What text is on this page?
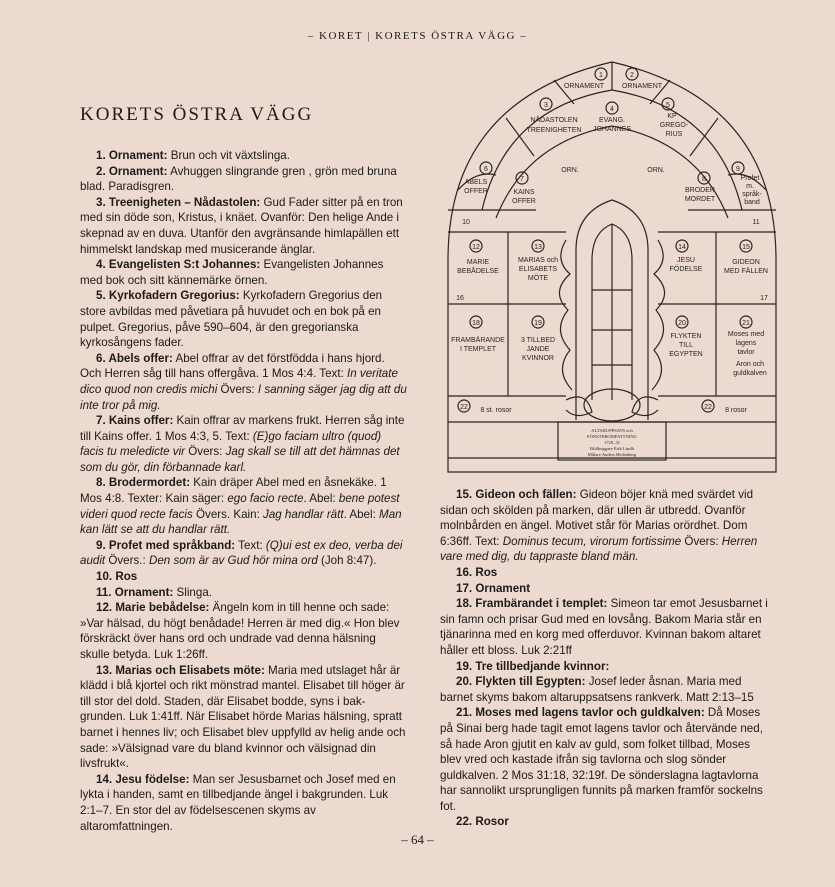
– KORET | KORETS ÖSTRA VÄGG –
KORETS ÖSTRA VÄGG
1
ORNAMENT
2
ORNAMENT
3
NÅDASTOLEN
TREENIGHETEN
4
EVANG.
JOHANNES
5
KP
GREGO-
RIUS
6
ABELS
OFFER
7
KAINS
OFFER
ORN.	ORN.
8
BRODER
MORDET
9
Profet
m.
språk-
band
10	11
12
MARIE
BEBÅDELSE
13
MARIAS och
ELISABETS
MÖTE
14
JESU
FÖDELSE
15
GIDEON
MED FÄLLEN
16	17
18
FRAMBÄRANDE
I TEMPLET
19
3 TILLBED
JANDE
KVINNOR
20
FLYKTEN
TILL
EGYPTEN
21
Moses med
lagens
tavlor
Aron och
guldkalven
22 8 st. rosor	22 8 rosor
ALTARUPPSATS och
FÖNSTEROMFATTNING
1729–31
Bildhuggare Erik Lindh
Målare Anders Hedenberg

1. Ornament: Brun och vit växtslinga.

2. Ornament: Avhuggen slingrande gren , grön med bruna blad. Paradisgren.

3. Treenigheten – Nådastolen: Gud Fader sitter på en tron med sin döde son, Kristus, i knäet. Ovanför: Den helige Ande i skepnad av en duva. Utanför den avgränsande himlapällen ett himmelskt landskap med musicerande änglar.

4. Evangelisten S:t Johannes: Evangelisten Johannes med bok och sitt kännemärke örnen.

5. Kyrkofadern Gregorius: Kyrkofadern Gregorius den store avbildas med påvetiara på huvudet och en bok på en pulpet. Gregorius, påve 590–604, är den gregorianska kyrkosångens fader.

6. Abels offer: Abel offrar av det förstfödda i hans hjord. Och Herren såg till hans offergåva. 1 Mos 4:4. Text: In veritate dico quod non credis michi Övers: I sanning säger jag dig att du inte tror på mig.

7. Kains offer: Kain offrar av markens frukt. Herren såg inte till Kains offer. 1 Mos 4:3, 5. Text: (E)go faciam ultro (quod) facis tu meledicte vir Övers: Jag skall se till att det hämnas det som du gör, din förbannade karl.

8. Brodermordet: Kain dräper Abel med en åsnekäke. 1 Mos 4:8. Texter: Kain säger: ego facio recte. Abel: bene potest videri quod recte facis Övers. Kain: Jag handlar rätt. Abel: Man kan lätt se att du handlar rätt.

9. Profet med språkband: Text: (Q)ui est ex deo, verba dei audit Övers.: Den som är av Gud hör mina ord (Joh 8:47).

10. Ros

11. Ornament: Slinga.

12. Marie bebådelse: Ängeln kom in till henne och sade: »Var hälsad, du högt benådade! Herren är med dig.« Hon blev förskräckt över hans ord och undrade vad denna hälsning skulle betyda. Luk 1:26ff.

13. Marias och Elisabets möte: Maria med utslaget hår är klädd i blå kjortel och rikt mönstrad mantel. Elisabet till höger är till stor del dold. Staden, där Elisabet bodde, syns i bak-grunden. Luk 1:41ff. När Elisabet hörde Marias hälsning, spratt barnet i hennes liv; och Elisabet blev uppfylld av helig ande och sade: »Välsignad vare du bland kvinnor och välsignad din livsfrukt«.

14. Jesu födelse: Man ser Jesusbarnet och Josef med en lykta i handen, samt en tillbedjande ängel i bakgrunden. Luk 2:1–7. En stor del av födelsescenen skyms av altaromfattningen.

15. Gideon och fällen: Gideon böjer knä med svärdet vid sidan och skölden på marken, där ullen är utbredd. Ovanför molnbården en ängel. Motivet står för Marias orördhet. Dom 6:36ff. Text: Dominus tecum, virorum fortissime Övers: Herren vare med dig, du tappraste bland män.

16. Ros

17. Ornament

18. Frambärandet i templet: Simeon tar emot Jesusbarnet i sin famn och prisar Gud med en lovsång. Bakom Maria står en tjänarinna med en korg med offerduvor. Kvinnan bakom altaret håller ett bloss. Luk 2:21ff

19. Tre tillbedjande kvinnor:

20. Flykten till Egypten: Josef leder åsnan. Maria med barnet skyms bakom altaruppsatsens rankverk. Matt 2:13–15

21. Moses med lagens tavlor och guldkalven: Då Moses på Sinai berg hade tagit emot lagens tavlor och återvände ned, så hade Aron gjutit en kalv av guld, som folket tillbad, Moses blev vred och kastade ifrån sig tavlorna och slog sönder guldkalven. 2 Mos 31:18, 32:19f. De sönderslagna lagtavlorna har sannolikt ursprungligen funnits på marken framför sockelns fot.

22. Rosor

– 64 –
